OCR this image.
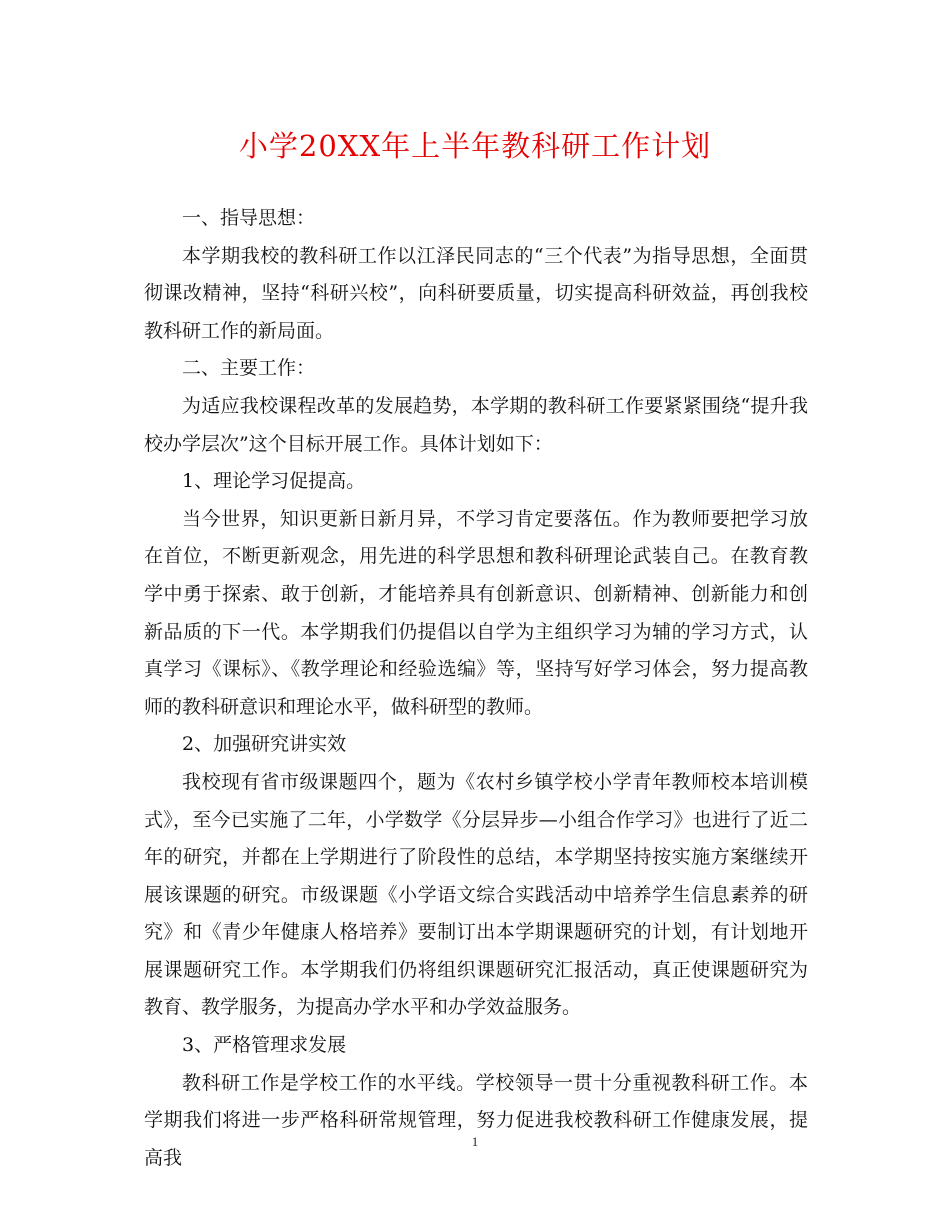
小学20XX年上半年教科研工作计划

一、指导思想：

本学期我校的教科研工作以江泽民同志的“三个代表”为指导思想，全面贯彻课改精神，坚持“科研兴校”，向科研要质量，切实提高科研效益，再创我校教科研工作的新局面。

二、主要工作：

为适应我校课程改革的发展趋势，本学期的教科研工作要紧紧围绕“提升我校办学层次”这个目标开展工作。具体计划如下：

1、理论学习促提高。

当今世界，知识更新日新月异，不学习肯定要落伍。作为教师要把学习放在首位，不断更新观念，用先进的科学思想和教科研理论武装自己。在教育教学中勇于探索、敢于创新，才能培养具有创新意识、创新精神、创新能力和创新品质的下一代。本学期我们仍提倡以自学为主组织学习为辅的学习方式，认真学习《课标》、《教学理论和经验选编》等，坚持写好学习体会，努力提高教师的教科研意识和理论水平，做科研型的教师。

2、加强研究讲实效

我校现有省市级课题四个，题为《农村乡镇学校小学青年教师校本培训模式》，至今已实施了二年，小学数学《分层异步—小组合作学习》也进行了近二年的研究，并都在上学期进行了阶段性的总结，本学期坚持按实施方案继续开展该课题的研究。市级课题《小学语文综合实践活动中培养学生信息素养的研究》和《青少年健康人格培养》要制订出本学期课题研究的计划，有计划地开展课题研究工作。本学期我们仍将组织课题研究汇报活动，真正使课题研究为教育、教学服务，为提高办学水平和办学效益服务。

3、严格管理求发展

教科研工作是学校工作的水平线。学校领导一贯十分重视教科研工作。本学期我们将进一步严格科研常规管理，努力促进我校教科研工作健康发展，提高我

1
